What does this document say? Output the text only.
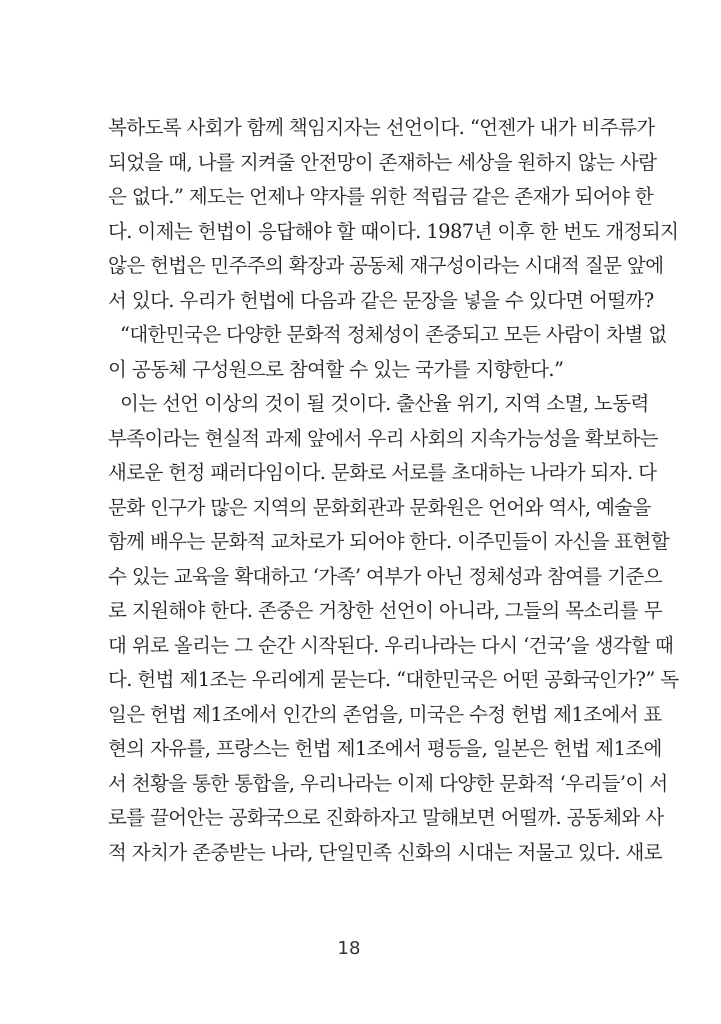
복하도록 사회가 함께 책임지자는 선언이다. “언젠가 내가 비주류가
되었을 때, 나를 지켜줄 안전망이 존재하는 세상을 원하지 않는 사람
은 없다.” 제도는 언제나 약자를 위한 적립금 같은 존재가 되어야 한
다. 이제는 헌법이 응답해야 할 때이다. 1987년 이후 한 번도 개정되지
않은 헌법은 민주주의 확장과 공동체 재구성이라는 시대적 질문 앞에
서 있다. 우리가 헌법에 다음과 같은 문장을 넣을 수 있다면 어떨까?
“대한민국은 다양한 문화적 정체성이 존중되고 모든 사람이 차별 없
이 공동체 구성원으로 참여할 수 있는 국가를 지향한다.”
이는 선언 이상의 것이 될 것이다. 출산율 위기, 지역 소멸, 노동력
부족이라는 현실적 과제 앞에서 우리 사회의 지속가능성을 확보하는
새로운 헌정 패러다임이다. 문화로 서로를 초대하는 나라가 되자. 다
문화 인구가 많은 지역의 문화회관과 문화원은 언어와 역사, 예술을
함께 배우는 문화적 교차로가 되어야 한다. 이주민들이 자신을 표현할
수 있는 교육을 확대하고 ‘가족’ 여부가 아닌 정체성과 참여를 기준으
로 지원해야 한다. 존중은 거창한 선언이 아니라, 그들의 목소리를 무
대 위로 올리는 그 순간 시작된다. 우리나라는 다시 ‘건국’을 생각할 때
다. 헌법 제1조는 우리에게 묻는다. “대한민국은 어떤 공화국인가?” 독
일은 헌법 제1조에서 인간의 존엄을, 미국은 수정 헌법 제1조에서 표
현의 자유를, 프랑스는 헌법 제1조에서 평등을, 일본은 헌법 제1조에
서 천황을 통한 통합을, 우리나라는 이제 다양한 문화적 ‘우리들’이 서
로를 끌어안는 공화국으로 진화하자고 말해보면 어떨까. 공동체와 사
적 자치가 존중받는 나라, 단일민족 신화의 시대는 저물고 있다. 새로
18
